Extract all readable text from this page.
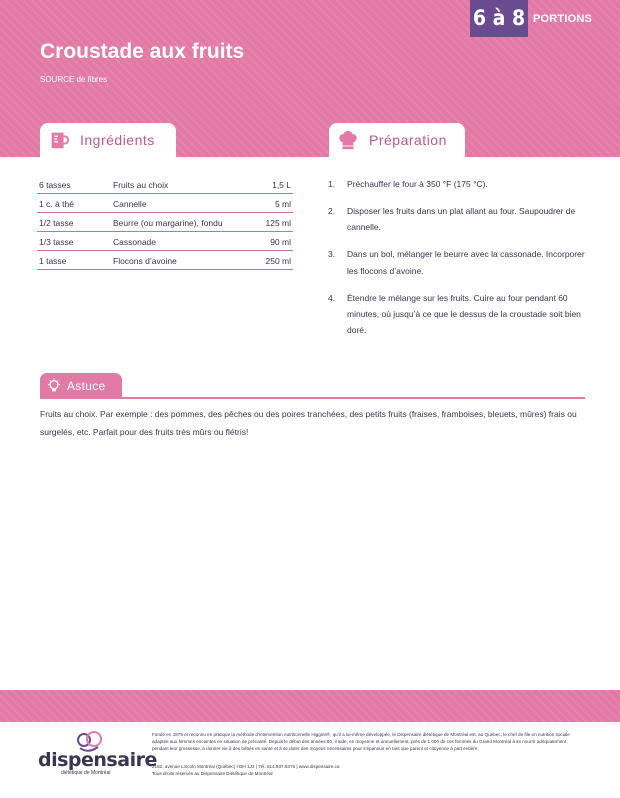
6 à 8 PORTIONS
Croustade aux fruits
SOURCE de fibres
Ingrédients	Préparation
6 tasses	Fruits au choix	1,5 L
1 c. à thé	Cannelle	5 ml
1/2 tasse	Beurre (ou margarine), fondu	125 ml
1/3 tasse	Cassonade	90 ml
1 tasse	Flocons d’avoine	250 ml
1.	Préchauffer le four à 350 °F (175 °C).
2.	Disposer les fruits dans un plat allant au four. Saupoudrer de cannelle.
3.	Dans un bol, mélanger le beurre avec la cassonade. Incorporer les flocons d’avoine.
4.	Étendre le mélange sur les fruits. Cuire au four pendant 60 minutes, où jusqu’à ce que le dessus de la croustade soit bien doré.
Astuce

Fruits au choix. Par exemple : des pommes, des pêches ou des poires tranchées, des petits fruits (fraises, framboises, bleuets, mûres) frais ou surgelés, etc. Parfait pour des fruits très mûrs ou flétris!

dispensaire
diététique de Montréal

Fondé en 1879 et reconnu en pratique la méthode d’intervention nutritionnelle Higgins®, qu’il a lui-même développée, le Dispensaire diététique de Montréal est, au Québec, le chef de file en nutrition sociale adaptée aux femmes enceintes en situation de précarité. Depuis le début des années 60, il aide, en moyenne et annuellement, près de 1 000 de ces femmes du Grand Montréal à se nourrir adéquatement pendant leur grossesse, à donner vie à des bébés en santé et à se doter des moyens nécessaires pour s’épanouir en tant que parent et citoyenne à part entière.

2182, avenue Lincoln Montréal (Québec) H3H 1J3 | Tél. 514.937.5375 | www.dispensaire.ca
Tous droits réservés au Dispensaire Diététique de Montréal
